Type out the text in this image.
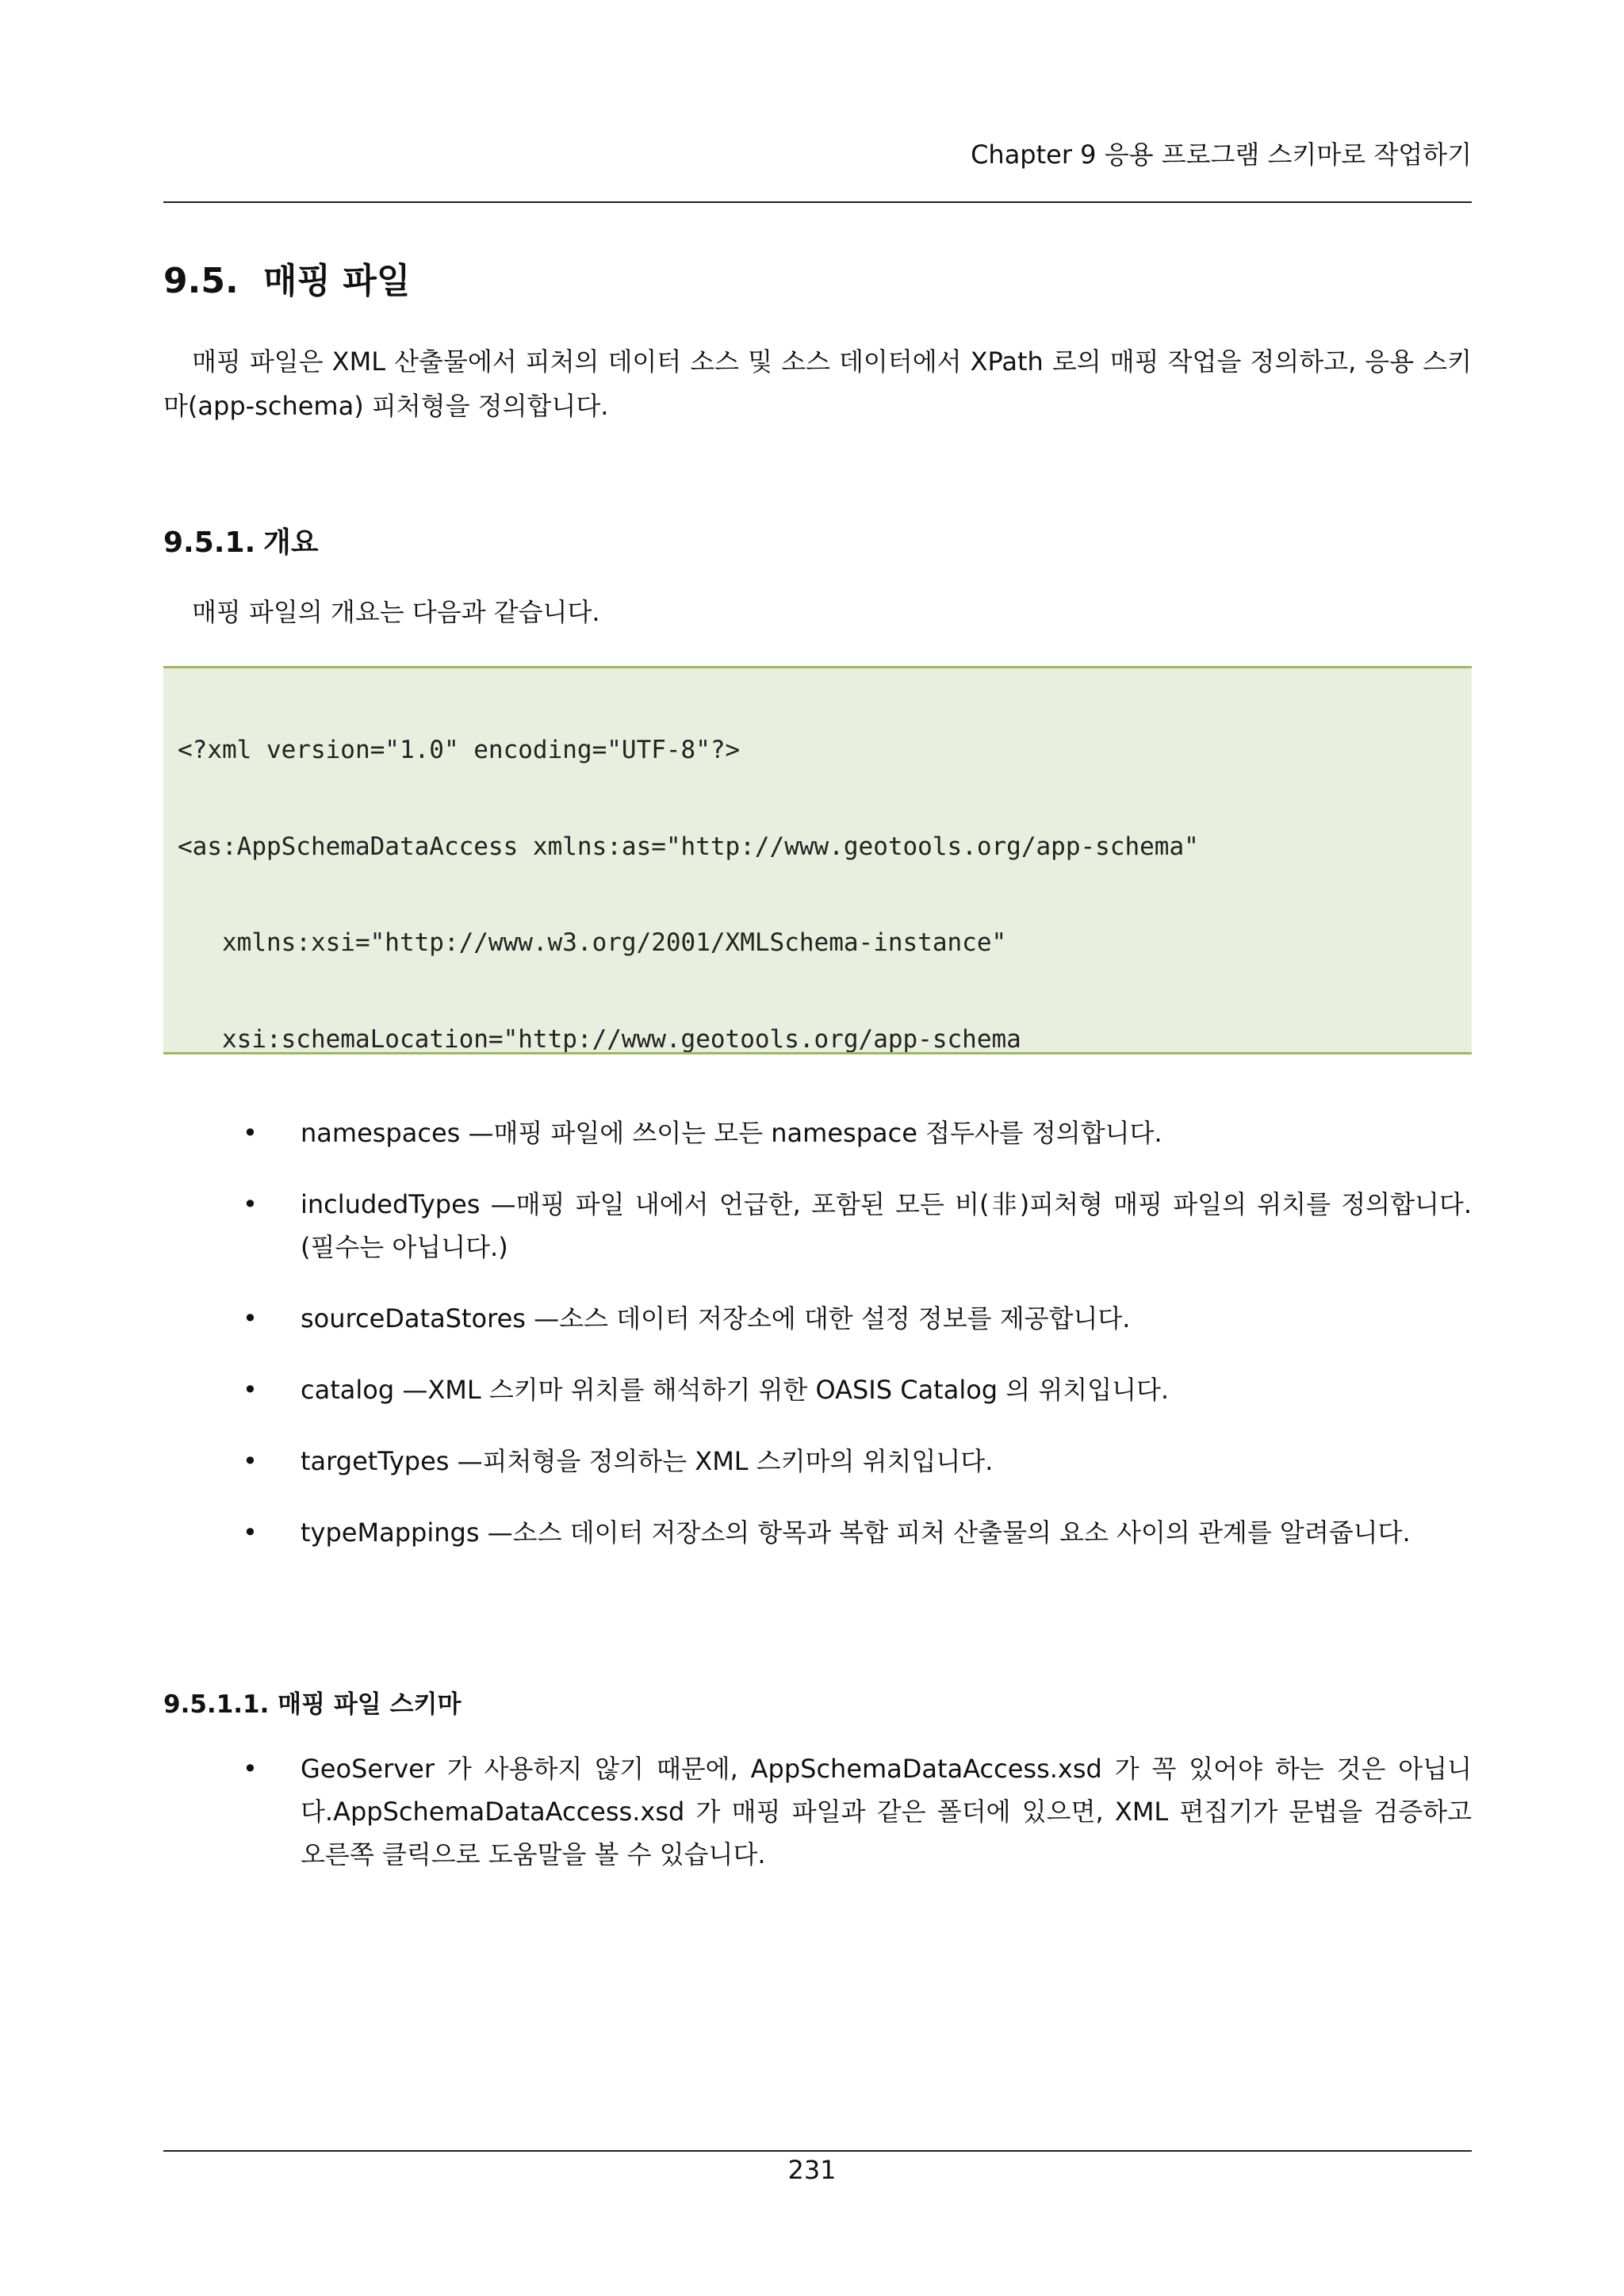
Chapter 9 응용 프로그램 스키마로 작업하기
9.5. 매핑 파일
매핑 파일은 XML 산출물에서 피처의 데이터 소스 및 소스 데이터에서 XPath 로의 매핑 작업을 정의하고, 응용 스키마(app-schema) 피처형을 정의합니다.
9.5.1. 개요
매핑 파일의 개요는 다음과 같습니다.

<?xml version="1.0" encoding="UTF-8"?>

<as:AppSchemaDataAccess xmlns:as="http://www.geotools.org/app-schema"

xmlns:xsi="http://www.w3.org/2001/XMLSchema-instance"

xsi:schemaLocation="http://www.geotools.org/app-schema

• namespaces —매핑 파일에 쓰이는 모든 namespace 접두사를 정의합니다.
• includedTypes —매핑 파일 내에서 언급한, 포함된 모든 비(非)피처형 매핑 파일의 위치를 정의합니다. (필수는 아닙니다.)
• sourceDataStores —소스 데이터 저장소에 대한 설정 정보를 제공합니다.
• catalog —XML 스키마 위치를 해석하기 위한 OASIS Catalog 의 위치입니다.
• targetTypes —피처형을 정의하는 XML 스키마의 위치입니다.
• typeMappings —소스 데이터 저장소의 항목과 복합 피처 산출물의 요소 사이의 관계를 알려줍니다.
9.5.1.1. 매핑 파일 스키마
• GeoServer 가 사용하지 않기 때문에, AppSchemaDataAccess.xsd 가 꼭 있어야 하는 것은 아닙니다.AppSchemaDataAccess.xsd 가 매핑 파일과 같은 폴더에 있으면, XML 편집기가 문법을 검증하고 오른쪽 클릭으로 도움말을 볼 수 있습니다.
231
